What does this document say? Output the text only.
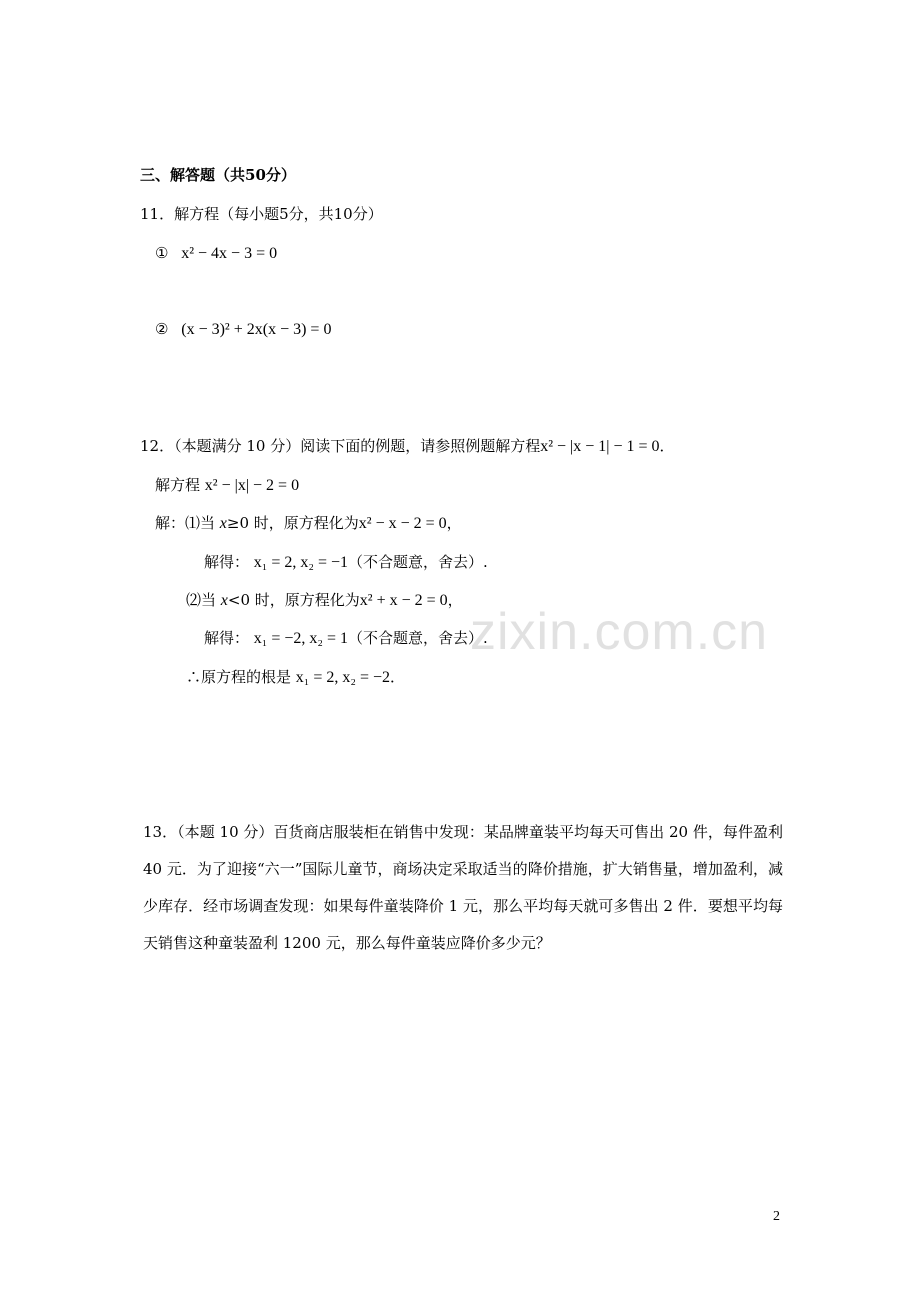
三、解答题（共50分）
11．解方程（每小题5分，共10分）
① x² − 4x − 3 = 0
② (x − 3)² + 2x(x − 3) = 0
12．（本题满分 10 分）阅读下面的例题，请参照例题解方程x² − |x − 1| − 1 = 0．
解方程 x² − |x| − 2 = 0
解：⑴当 x≥0 时，原方程化为x² − x − 2 = 0，
解得： x₁ = 2, x₂ = −1（不合题意，舍去）.
⑵当 x<0 时，原方程化为x² + x − 2 = 0，
解得： x₁ = −2, x₂ = 1（不合题意，舍去）.
∴原方程的根是 x₁ = 2, x₂ = −2．
13．（本题 10 分）百货商店服装柜在销售中发现：某品牌童装平均每天可售出 20 件，每件盈利 40 元．为了迎接“六一”国际儿童节，商场决定采取适当的降价措施，扩大销售量，增加盈利，减少库存．经市场调查发现：如果每件童装降价 1 元，那么平均每天就可多售出 2 件．要想平均每天销售这种童装盈利 1200 元，那么每件童装应降价多少元？
zixin.com.cn
2
